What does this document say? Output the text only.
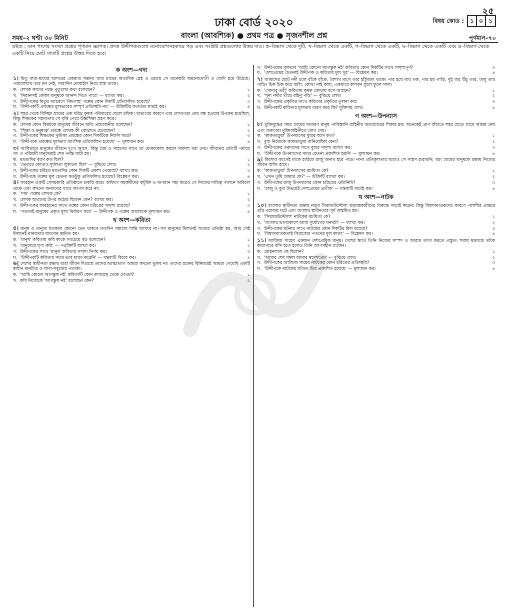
২৫
ঢাকা বোর্ড ২০২০	বিষয় কোড : ১ ০ ১
সময়–২ ঘণ্টা ৩০ মিনিট	বাংলা (আবশ্যিক) ● প্রথম পত্র ● সৃজনশীল প্রশ্ন	পূর্ণমান–৭০
দ্রষ্টব্য : ডান পাশের সংখ্যা প্রশ্নের পূর্ণমান জ্ঞাপক। প্রদত্ত উদ্দীপকগুলো মনোযোগসহকারে পড় এবং সংশ্লিষ্ট প্রশ্নগুলোর উত্তর দাও। ক–বিভাগ থেকে দুটি, খ–বিভাগ থেকে একটি, গ–বিভাগ থেকে একটি, ঘ–বিভাগ থেকে একটি এবং ঙ–বিভাগ থেকে একটি নিয়ে মোট সাতটি প্রশ্নের উত্তর দিতে হবে।
ক অংশ—গদ্য
১। মিতু বাবা-মায়ের আদরের একমাত্র সন্তান। বাবা মায়ের অত্যধিক স্নেহ ও প্রশ্রয়ে সে অনেকটা অমনোযোগী ও জেদি হয়ে উঠেছে। পড়ালেখায় তার মন নেই, সারাদিন মোবাইল নিয়ে ব্যস্ত থাকে।
ক. লেখক কাদের পক্ষে পুতুলের কথা বলেছেন?	১
খ. 'নিরানন্দই কেবল মানুষকে আনন্দ দিতে পারে' — ব্যাখ্যা কর।	২
গ. উদ্দীপকের মিতুর আচরণে 'নিমগাছ' গল্পের কোন দিকটি প্রতিফলিত হয়েছে?	৩
ঘ. 'উদ্দীপকটি প্রবন্ধের মূলভাবের সম্পূর্ণ প্রতিচ্ছবি নয়' — উক্তিটির যথার্থতা যাচাই কর।	৪
২। শহর থেকে বিচ্ছিন্ন গ্রামের এক দরিদ্র কৃষক পরিবারের ছেলে রফিক। অভাবের কারণে তার লেখাপড়া প্রায় বন্ধ হওয়ার উপক্রম হয়েছিল, কিন্তু শিক্ষকের সহায়তায় সে বৃত্তি পেয়ে উচ্চশিক্ষা গ্রহণ করে।
ক. লেখক কোন বিষয়কে মানুষের জীবনে অতি প্রয়োজনীয় বলেছেন?	১
খ. 'শিক্ষা ও মনুষ্যত্ব' প্রবন্ধে লেখক কী বোঝাতে চেয়েছেন?	২
গ. উদ্দীপকের শিক্ষকের ভূমিকা প্রবন্ধের কোন দিকটিকে নির্দেশ করে?	৩
ঘ. 'উদ্দীপকে প্রবন্ধের মূলভাব আংশিক প্রতিফলিত হয়েছে' — মূল্যায়ন কর।	৪
৩। আবির্ভাবে মানুষের জীবনে দুঃখ আসে, কিন্তু ধৈর্য ও সাহসের সাথে তা মোকাবেলা করলে সাফল্য ধরা দেয়। জীবনের প্রতিটি পর্যায়ে সৎ ও পরিশ্রমী মানুষেরাই শেষ পর্যন্ত জয়ী হয়।
ক. মমতাদির বয়স কত ছিল?	১
খ. 'ভেতরে কোথাও দুর্বলতা লুকানো ছিল' — বুঝিয়ে লেখ।	২
গ. উদ্দীপকের চরিত্রে মমতাদির কোন দিকটি প্রকাশ পেয়েছে? ব্যাখ্যা কর।	৩
ঘ. উদ্দীপকে গল্পের মূল চেতনা কতটুকু প্রতিফলিত হয়েছে? বিশ্লেষণ কর।	৪
৪। ফারহান একটি বেসরকারি প্রতিষ্ঠানে চাকরি করে। অফিসে সহকর্মীদের কটূক্তি ও অপমান সহ্য করেও সে নিজের দায়িত্ব পালনে অবিচল থাকে এবং কখনো অন্যায়ের সাথে আপস করে না।
ক. 'দাম' গল্পের লেখক কে?	১
খ. লেখক ছাত্রদের উপর কঠোর ছিলেন কেন? ব্যাখ্যা কর।	২
গ. উদ্দীপকের ফারহানের সাথে গল্পের কোন চরিত্রের সাদৃশ্য রয়েছে?	৩
ঘ. 'সততাই মানুষের প্রকৃত মূল্য নির্ধারণ করে' — উদ্দীপক ও গল্পের আলোকে মূল্যায়ন কর।	৪
খ অংশ—কবিতা
৫। মানুষ ও মানুষে যতকাল কোনো ভেদ থাকবে ততদিন সমাজে শান্তি আসবে না। সব মানুষের মিলনেই সত্যের প্রতিষ্ঠা হয়, আর সেই মিলনেই মানবতার জয়গান ধ্বনিত হয়।
ক. 'মানুষ' কবিতায় কবি কাকে সবচেয়ে বড় বলেছেন?	১
খ. 'মানুষেরে ঘৃণা করি' — পঙ্‌ক্তিটি ব্যাখ্যা কর।	২
গ. উদ্দীপকের সাথে 'মানুষ' কবিতার সাদৃশ্য নির্ণয় কর।	৩
ঘ. 'উদ্দীপকটি কবিতার সমগ্র ভাব ধারণ করেনি' — মন্তব্যটি বিচার কর।	৪
৬। দেশের স্বাধীনতা রক্ষায় যারা জীবন দিয়েছে তাদের আত্মত্যাগ আমরা কখনো ভুলব না। তাদের রক্তের বিনিময়েই আমরা পেয়েছি একটি স্বাধীন মানচিত্র ও লাল-সবুজের পতাকা।
ক. 'আমি কোনো আগন্তুক নই' কবিতাটি কোন কাব্যগ্রন্থ থেকে নেওয়া?	১
খ. কবি নিজেকে 'আগন্তুক নই' বলেছেন কেন?	২
গ. উদ্দীপকের মূলভাব 'আমি কোনো আগন্তুক নই' কবিতার কোন দিকটির সাথে সাদৃশ্যপূর্ণ?	৩
ঘ. 'দেশপ্রেমের চেতনাই উদ্দীপক ও কবিতার মূল সুর' — বিশ্লেষণ কর।	৪
৭। আমাদের ছোট নদী চলে বাঁকে বাঁকে, বৈশাখ মাসে তার হাঁটুজল থাকে। পার হয়ে যায় গরু, পার হয় গাড়ি, দুই ধার উঁচু তার, ঢালু তার পাড়ি। চিক চিক করে বালি, কোথা নাই কাদা, একধারে কাশবন ফুলে ফুলে সাদা।
ক. 'সোনার তরী' কবিতায় কৃষক কোথায় বসে আছেন?	১
খ. 'শূন্য নদীর তীরে রহিনু পড়ি' — বুঝিয়ে লেখ।	২
গ. উদ্দীপকের প্রকৃতির সাথে কবিতার প্রকৃতির তুলনা কর।	৩
ঘ. উদ্দীপকটি কবিতার মূলভাব ধারণ করে কি? যুক্তিসহ লেখ।	৪
গ অংশ—উপন্যাস
৮। মুক্তিযুদ্ধের সময় গ্রামের সাধারণ মানুষ পাকিস্তানি বাহিনীর অত্যাচারের শিকার হয়। অনেকেই প্রাণ বাঁচাতে শহর ছেড়ে গ্রামে আশ্রয় নেয় এবং তরুণেরা মুক্তিবাহিনীতে যোগ দেয়।
ক. 'কাকতাড়ুয়া' উপন্যাসের বুধার বয়স কত?	১
খ. বুধা নিজেকে কাকতাড়ুয়া বানিয়েছিল কেন?	২
গ. উদ্দীপকের তরুণদের সাথে বুধার সাদৃশ্য ব্যাখ্যা কর।	৩
ঘ. 'উদ্দীপকে উপন্যাসের সমগ্র চেতনা প্রকাশিত হয়নি' — মূল্যায়ন কর।	৪
৯। কিশোর বয়সেই মাকে হারিয়ে রাজু অনাথ হয়ে পড়ে। নানা প্রতিকূলতার মধ্যেও সে সাহস হারায়নি; বরং গ্রামের মানুষকে রক্ষায় নিজের জীবন বাজি রাখে।
ক. 'কাকতাড়ুয়া' উপন্যাসের রচয়িতা কে?	১
খ. 'এখন তুমি আমার কে?' — উক্তিটি ব্যাখ্যা কর।	২
গ. উদ্দীপকের রাজু উপন্যাসের কোন চরিত্রের প্রতিনিধি?	৩
ঘ. 'রাজু ও বুধা উভয়েই দেশপ্রেমের প্রতীক' — মন্তব্যটি যাচাই কর।	৪
ঘ অংশ—নাটক
১০। বাংলার স্বাধীনতা রক্ষায় নবাব সিরাজউদ্দৌলা ষড়যন্ত্রকারীদের বিরুদ্ধে লড়াই করেন। কিন্তু বিশ্বাসঘাতকদের কারণে পলাশীর প্রান্তরে তাঁর পরাজয় ঘটে এবং বাংলার স্বাধীনতার সূর্য অস্তমিত হয়।
ক. 'সিরাজউদ্দৌলা' নাটকের রচয়িতা কে?	১
খ. 'বাংলার ভাগ্যাকাশে আজ দুর্যোগের ঘনঘটা' — ব্যাখ্যা কর।	২
গ. উদ্দীপকের ঘটনার সাথে নাটকের কোন দিকটির মিল রয়েছে?	৩
ঘ. 'বিশ্বাসঘাতকতাই সিরাজের পতনের মূল কারণ' — বিশ্লেষণ কর।	৪
১১। আজিজ সাহেব একজন দেশপ্রেমিক মানুষ। দেশের স্বার্থে তিনি নিজের সম্পদ ও আরাম ত্যাগ করতে প্রস্তুত। শত্রুর ষড়যন্ত্রে তাঁকে কারাগারে বন্দি হতে হলেও তিনি আপসহীন থাকেন।
ক. মোহনলাল কে ছিলেন?	১
খ. 'আমার শেষ সম্বল আমার স্বদেশপ্রেম' — বুঝিয়ে লেখ।	২
গ. উদ্দীপকের আজিজ সাহেব নাটকের কোন চরিত্রের প্রতিচ্ছবি?	৩
ঘ. 'উদ্দীপকে নাটকের খণ্ডিত চিত্র প্রকাশিত হয়েছে' — মূল্যায়ন কর।	৪
